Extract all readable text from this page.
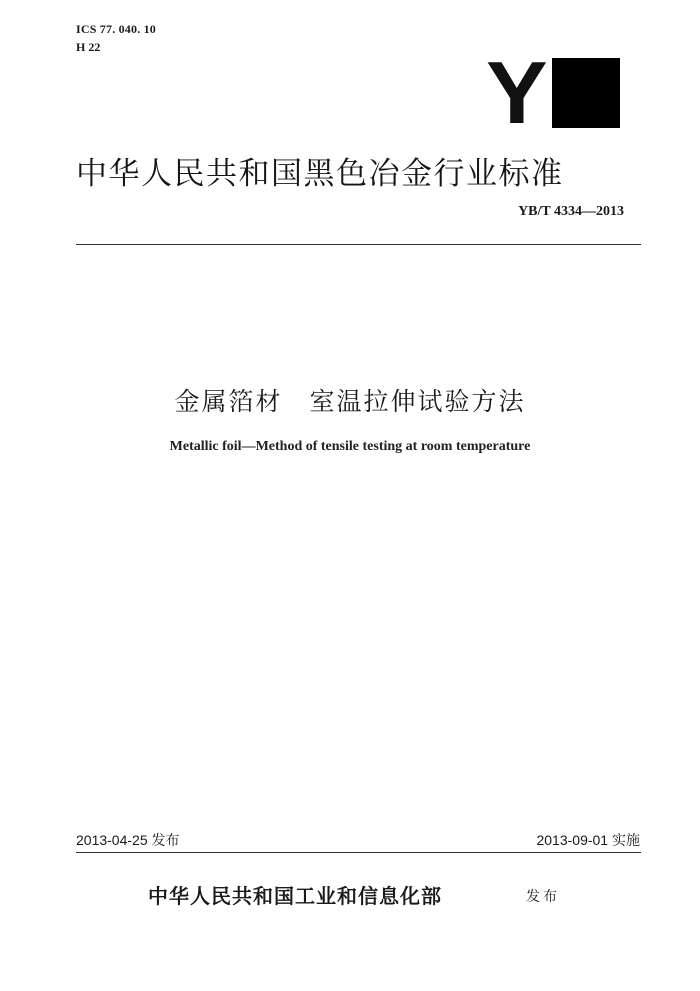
ICS 77. 040. 10
H 22	Y
中华人民共和国黑色冶金行业标准
YB/T 4334—2013
金属箔材　室温拉伸试验方法
Metallic foil—Method of tensile testing at room temperature
2013-04-25 发布	2013-09-01 实施
中华人民共和国工业和信息化部	发布
